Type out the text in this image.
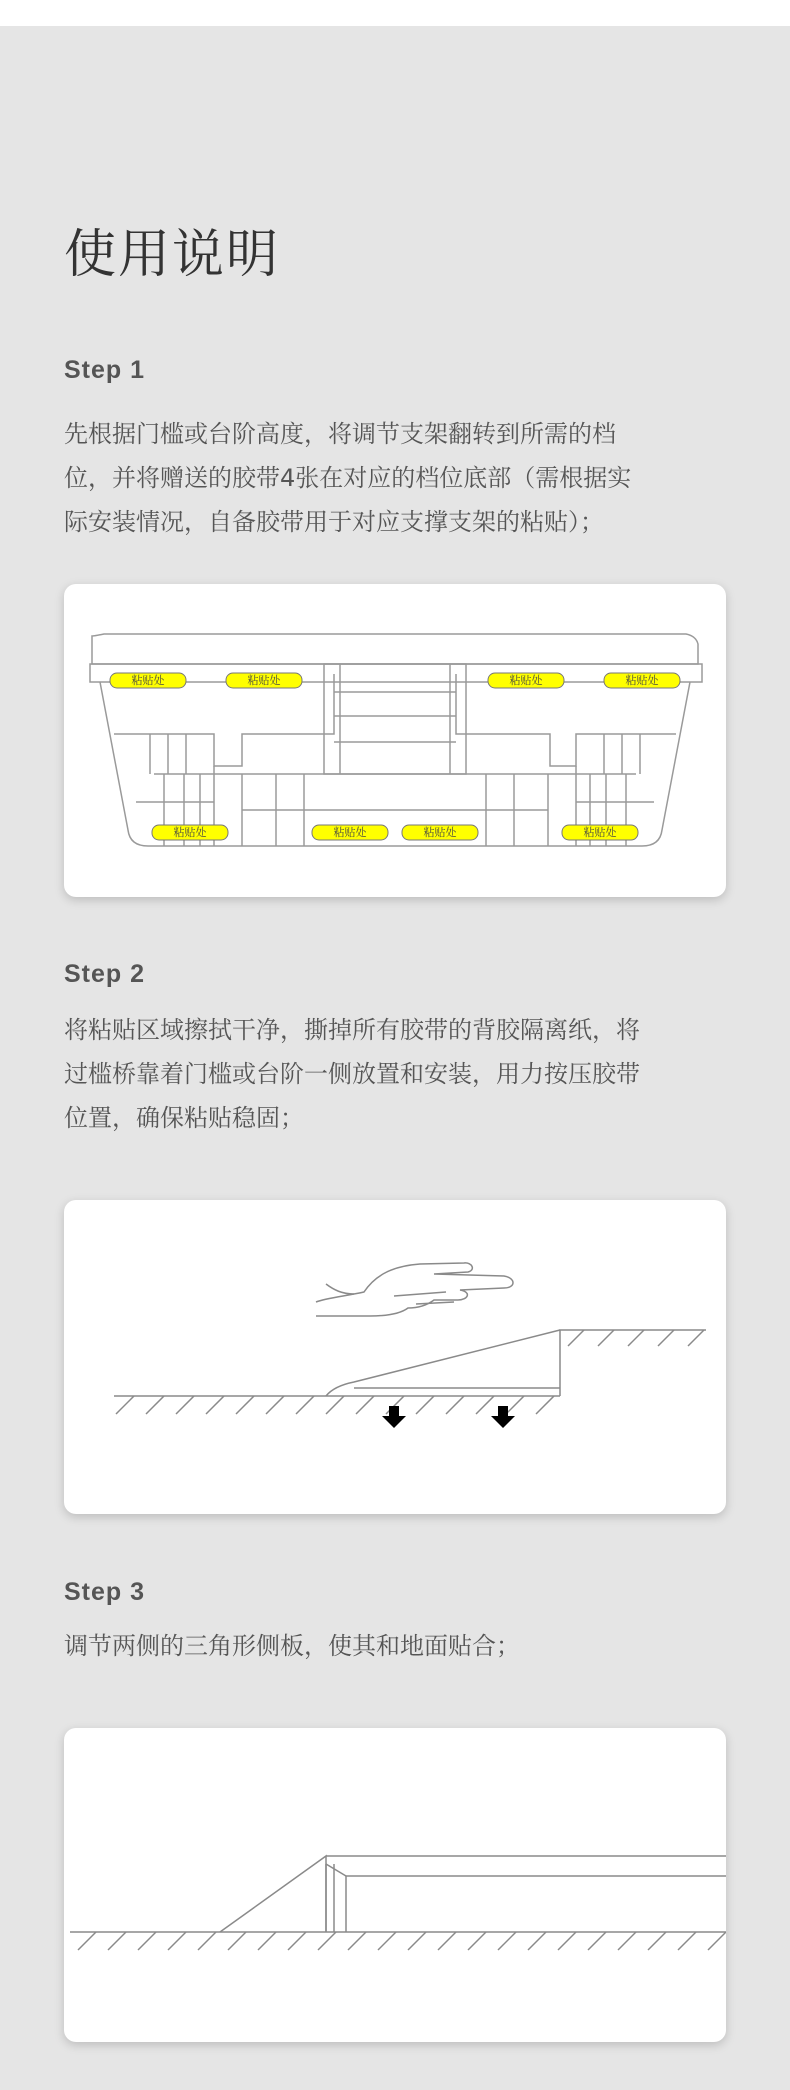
使用说明
Step 1
先根据门槛或台阶高度，将调节支架翻转到所需的档
位，并将赠送的胶带4张在对应的档位底部（需根据实
际安装情况，自备胶带用于对应支撑支架的粘贴）；
粘贴处	粘贴处	粘贴处	粘贴处
粘贴处	粘贴处	粘贴处	粘贴处
Step 2
将粘贴区域擦拭干净，撕掉所有胶带的背胶隔离纸，将
过槛桥靠着门槛或台阶一侧放置和安装，用力按压胶带
位置，确保粘贴稳固；
Step 3
调节两侧的三角形侧板，使其和地面贴合；
